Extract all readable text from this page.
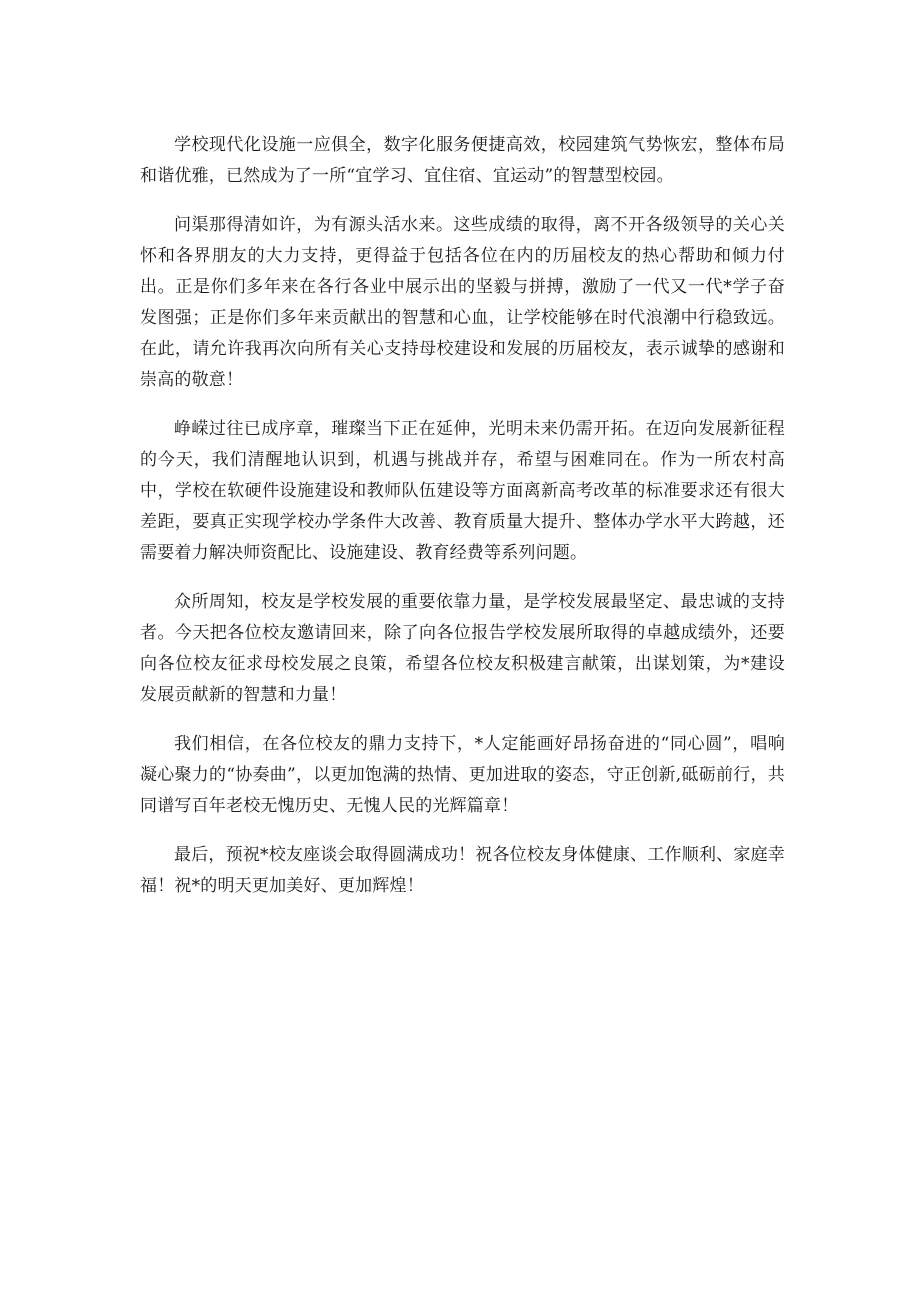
学校现代化设施一应俱全，数字化服务便捷高效，校园建筑气势恢宏，整体布局和谐优雅，已然成为了一所“宜学习、宜住宿、宜运动”的智慧型校园。

问渠那得清如许，为有源头活水来。这些成绩的取得，离不开各级领导的关心关怀和各界朋友的大力支持，更得益于包括各位在内的历届校友的热心帮助和倾力付出。正是你们多年来在各行各业中展示出的坚毅与拼搏，激励了一代又一代*学子奋发图强；正是你们多年来贡献出的智慧和心血，让学校能够在时代浪潮中行稳致远。在此，请允许我再次向所有关心支持母校建设和发展的历届校友，表示诚挚的感谢和崇高的敬意！

峥嵘过往已成序章，璀璨当下正在延伸，光明未来仍需开拓。在迈向发展新征程的今天，我们清醒地认识到，机遇与挑战并存，希望与困难同在。作为一所农村高中，学校在软硬件设施建设和教师队伍建设等方面离新高考改革的标准要求还有很大差距，要真正实现学校办学条件大改善、教育质量大提升、整体办学水平大跨越，还需要着力解决师资配比、设施建设、教育经费等系列问题。

众所周知，校友是学校发展的重要依靠力量，是学校发展最坚定、最忠诚的支持者。今天把各位校友邀请回来，除了向各位报告学校发展所取得的卓越成绩外，还要向各位校友征求母校发展之良策，希望各位校友积极建言献策，出谋划策，为*建设发展贡献新的智慧和力量！

我们相信，在各位校友的鼎力支持下，*人定能画好昂扬奋进的“同心圆”，唱响凝心聚力的“协奏曲”，以更加饱满的热情、更加进取的姿态，守正创新,砥砺前行，共同谱写百年老校无愧历史、无愧人民的光辉篇章！

最后，预祝*校友座谈会取得圆满成功！祝各位校友身体健康、工作顺利、家庭幸福！祝*的明天更加美好、更加辉煌！
